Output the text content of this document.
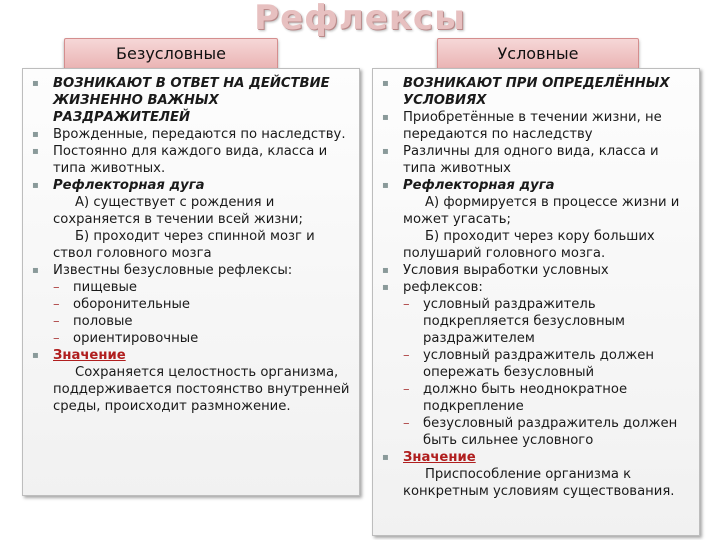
Рефлексы
Безусловные	Условные
▪ ВОЗНИКАЮТ В ОТВЕТ НА ДЕЙСТВИЕ ЖИЗНЕННО ВАЖНЫХ РАЗДРАЖИТЕЛЕЙ
▪ Врожденные, передаются по наследству.
▪ Постоянно для каждого вида, класса и типа животных.
▪ Рефлекторная дуга
А) существует с рождения и сохраняется в течении всей жизни;
Б) проходит через спинной мозг и ствол головного мозга
▪ Известны безусловные рефлексы:
– пищевые
– оборонительные
– половые
– ориентировочные
▪ Значение
Сохраняется целостность организма, поддерживается постоянство внутренней среды, происходит размножение.
▪ ВОЗНИКАЮТ ПРИ ОПРЕДЕЛЁННЫХ УСЛОВИЯХ
▪ Приобретённые в течении жизни, не передаются по наследству
▪ Различны для одного вида, класса и типа животных
▪ Рефлекторная дуга
А) формируется в процессе жизни и может угасать;
Б) проходит через кору больших полушарий головного мозга.
▪ Условия выработки условных
▪ рефлексов:
– условный раздражитель подкрепляется безусловным раздражителем
– условный раздражитель должен опережать безусловный
– должно быть неоднократное подкрепление
– безусловный раздражитель должен быть сильнее условного
▪ Значение
Приспособление организма к конкретным условиям существования.
